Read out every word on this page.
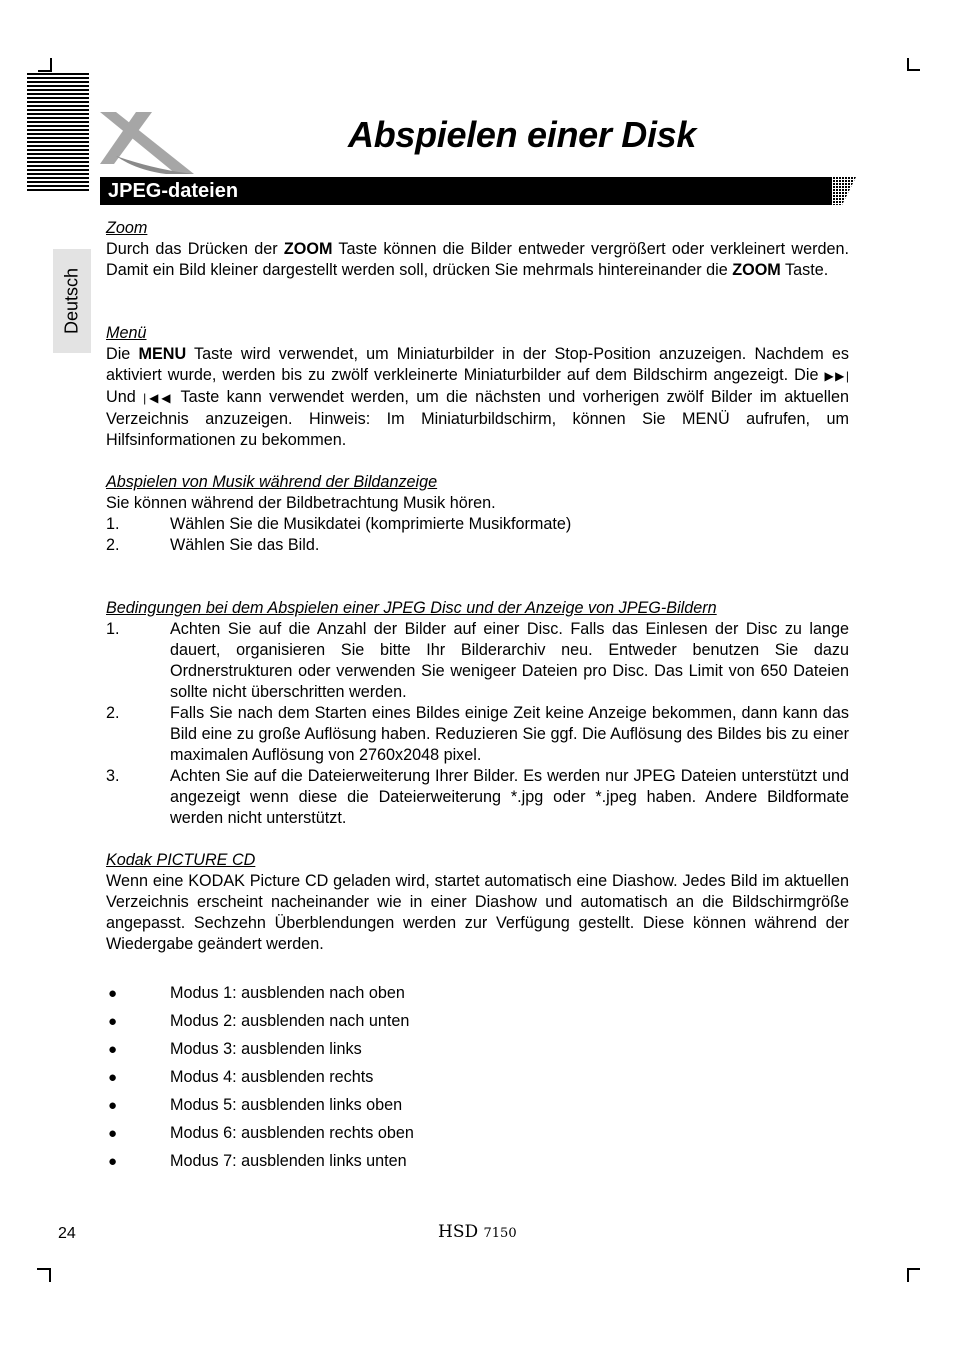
Abspielen einer Disk
JPEG-dateien
Deutsch

Zoom

Durch das Drücken der ZOOM Taste können die Bilder entweder vergrößert oder verkleinert werden. Damit ein Bild kleiner dargestellt werden soll, drücken Sie mehrmals hintereinander die ZOOM Taste.

Menü

Die MENU Taste wird verwendet, um Miniaturbilder in der Stop-Position anzuzeigen. Nachdem es aktiviert wurde, werden bis zu zwölf verkleinerte Miniaturbilder auf dem Bildschirm angezeigt. Die ▶▶| Und |◀◀ Taste kann verwendet werden, um die nächsten und vorherigen zwölf Bilder im aktuellen Verzeichnis anzuzeigen. Hinweis: Im Miniaturbildschirm, können Sie MENÜ aufrufen, um Hilfsinformationen zu bekommen.

Abspielen von Musik während der Bildanzeige

Sie können während der Bildbetrachtung Musik hören.

1.	Wählen Sie die Musikdatei (komprimierte Musikformate)
2.	Wählen Sie das Bild.

Bedingungen bei dem Abspielen einer JPEG Disc und der Anzeige von JPEG-Bildern

1.	Achten Sie auf die Anzahl der Bilder auf einer Disc. Falls das Einlesen der Disc zu lange dauert, organisieren Sie bitte Ihr Bilderarchiv neu. Entweder benutzen Sie dazu Ordnerstrukturen oder verwenden Sie wenigeer Dateien pro Disc. Das Limit von 650 Dateien sollte nicht überschritten werden.
2.	Falls Sie nach dem Starten eines Bildes einige Zeit keine Anzeige bekommen, dann kann das Bild eine zu große Auflösung haben. Reduzieren Sie ggf. Die Auflösung des Bildes bis zu einer maximalen Auflösung von 2760x2048 pixel.
3.	Achten Sie auf die Dateierweiterung Ihrer Bilder. Es werden nur JPEG Dateien unterstützt und angezeigt wenn diese die Dateierweiterung *.jpg oder *.jpeg haben. Andere Bildformate werden nicht unterstützt.

Kodak PICTURE CD

Wenn eine KODAK Picture CD geladen wird, startet automatisch eine Diashow. Jedes Bild im aktuellen Verzeichnis erscheint nacheinander wie in einer Diashow und automatisch an die Bildschirmgröße angepasst. Sechzehn Überblendungen werden zur Verfügung gestellt. Diese können während der Wiedergabe geändert werden.

●	Modus 1: ausblenden nach oben
●	Modus 2: ausblenden nach unten
●	Modus 3: ausblenden links
●	Modus 4: ausblenden rechts
●	Modus 5: ausblenden links oben
●	Modus 6: ausblenden rechts oben
●	Modus 7: ausblenden links unten
24	HSD 7150
